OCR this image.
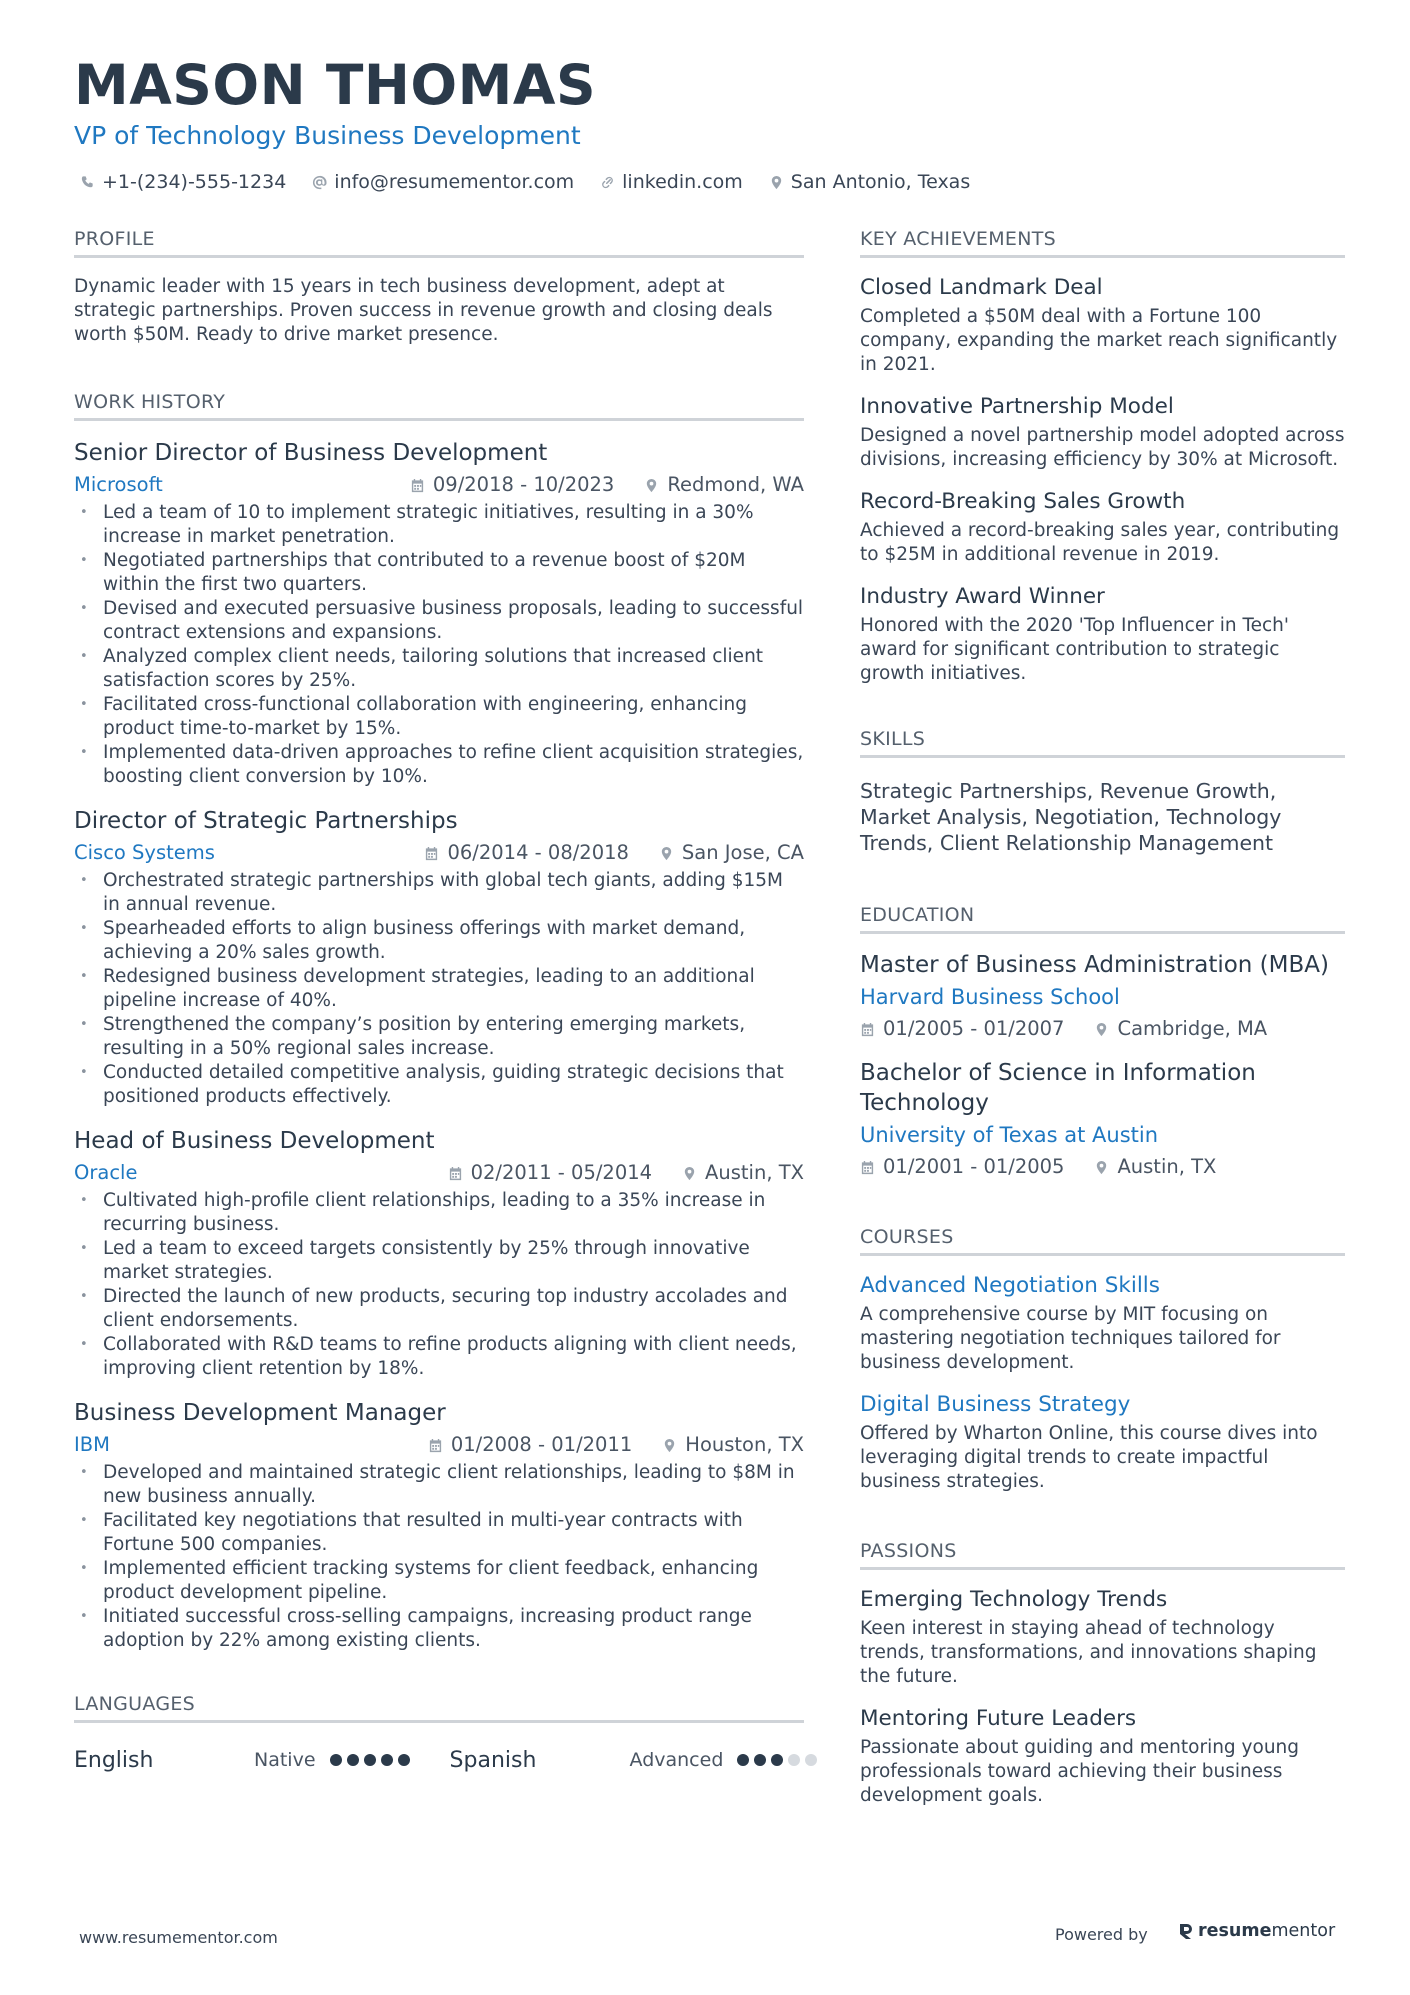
MASON THOMAS
VP of Technology Business Development
+1-(234)-555-1234	info@resumementor.com	linkedin.com	San Antonio, Texas
PROFILE
Dynamic leader with 15 years in tech business development, adept at strategic partnerships. Proven success in revenue growth and closing deals worth $50M. Ready to drive market presence.
WORK HISTORY
Senior Director of Business Development
Microsoft	09/2018 - 10/2023	Redmond, WA
• Led a team of 10 to implement strategic initiatives, resulting in a 30% increase in market penetration.
• Negotiated partnerships that contributed to a revenue boost of $20M within the first two quarters.
• Devised and executed persuasive business proposals, leading to successful contract extensions and expansions.
• Analyzed complex client needs, tailoring solutions that increased client satisfaction scores by 25%.
• Facilitated cross-functional collaboration with engineering, enhancing product time-to-market by 15%.
• Implemented data-driven approaches to refine client acquisition strategies, boosting client conversion by 10%.
Director of Strategic Partnerships
Cisco Systems	06/2014 - 08/2018	San Jose, CA
• Orchestrated strategic partnerships with global tech giants, adding $15M in annual revenue.
• Spearheaded efforts to align business offerings with market demand, achieving a 20% sales growth.
• Redesigned business development strategies, leading to an additional pipeline increase of 40%.
• Strengthened the company’s position by entering emerging markets, resulting in a 50% regional sales increase.
• Conducted detailed competitive analysis, guiding strategic decisions that positioned products effectively.
Head of Business Development
Oracle	02/2011 - 05/2014	Austin, TX
• Cultivated high-profile client relationships, leading to a 35% increase in recurring business.
• Led a team to exceed targets consistently by 25% through innovative market strategies.
• Directed the launch of new products, securing top industry accolades and client endorsements.
• Collaborated with R&D teams to refine products aligning with client needs, improving client retention by 18%.
Business Development Manager
IBM	01/2008 - 01/2011	Houston, TX
• Developed and maintained strategic client relationships, leading to $8M in new business annually.
• Facilitated key negotiations that resulted in multi-year contracts with Fortune 500 companies.
• Implemented efficient tracking systems for client feedback, enhancing product development pipeline.
• Initiated successful cross-selling campaigns, increasing product range adoption by 22% among existing clients.
LANGUAGES
English	Native	Spanish	Advanced
KEY ACHIEVEMENTS
Closed Landmark Deal
Completed a $50M deal with a Fortune 100 company, expanding the market reach significantly in 2021.
Innovative Partnership Model
Designed a novel partnership model adopted across divisions, increasing efficiency by 30% at Microsoft.
Record-Breaking Sales Growth
Achieved a record-breaking sales year, contributing to $25M in additional revenue in 2019.
Industry Award Winner
Honored with the 2020 'Top Influencer in Tech' award for significant contribution to strategic growth initiatives.
SKILLS
Strategic Partnerships, Revenue Growth, Market Analysis, Negotiation, Technology Trends, Client Relationship Management
EDUCATION
Master of Business Administration (MBA)
Harvard Business School
01/2005 - 01/2007	Cambridge, MA
Bachelor of Science in Information Technology
University of Texas at Austin
01/2001 - 01/2005	Austin, TX
COURSES
Advanced Negotiation Skills
A comprehensive course by MIT focusing on mastering negotiation techniques tailored for business development.
Digital Business Strategy
Offered by Wharton Online, this course dives into leveraging digital trends to create impactful business strategies.
PASSIONS
Emerging Technology Trends
Keen interest in staying ahead of technology trends, transformations, and innovations shaping the future.
Mentoring Future Leaders
Passionate about guiding and mentoring young professionals toward achieving their business development goals.
www.resumementor.com	Powered by	resumementor
